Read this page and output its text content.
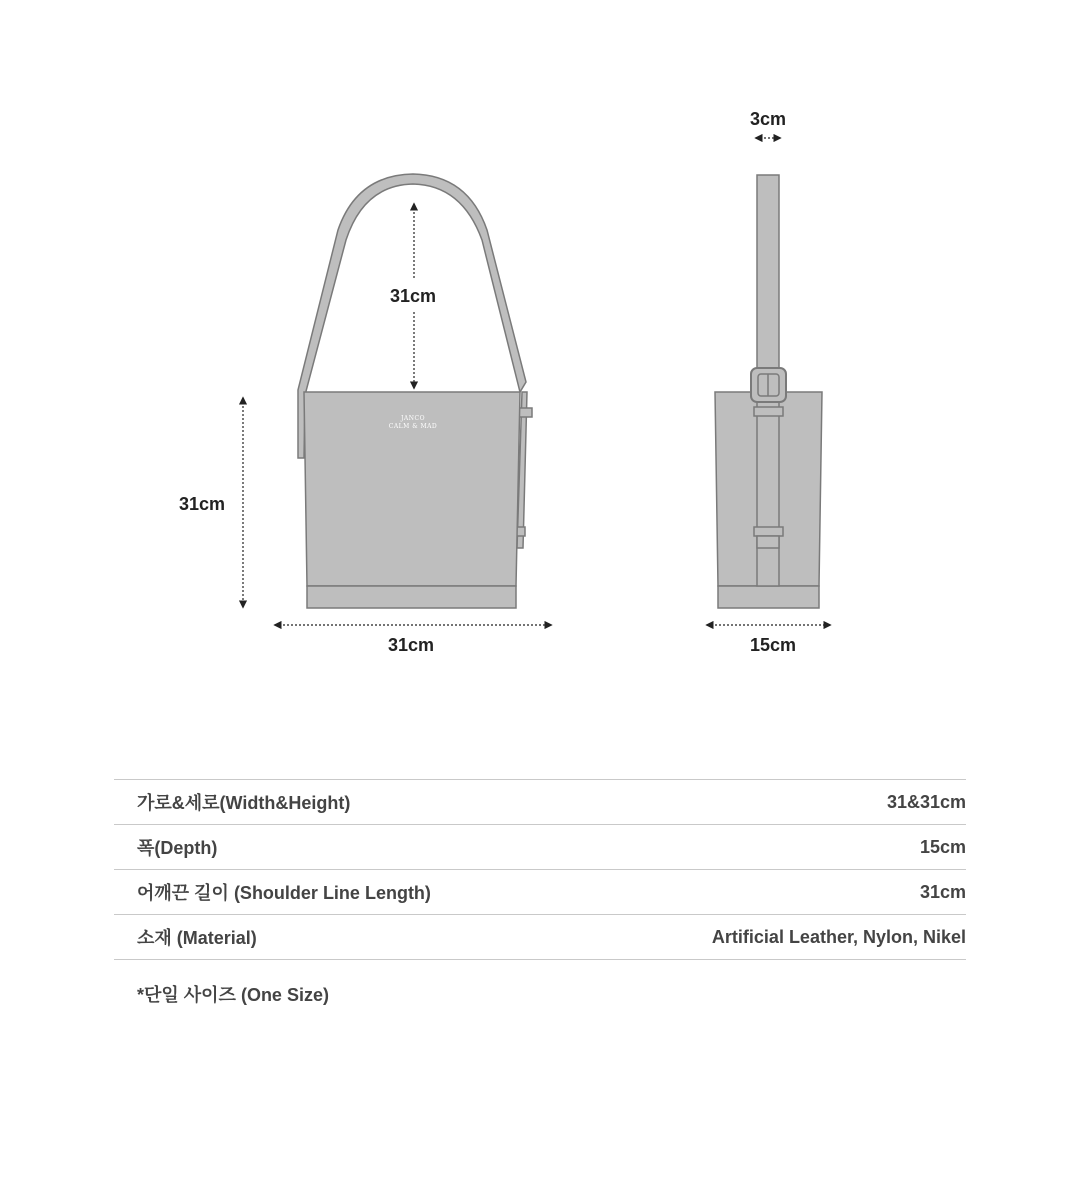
JANCO
CALM & MAD
31cm
31cm
31cm
3cm
15cm
가로&세로(Width&Height)	31&31cm
폭(Depth)	15cm
어깨끈 길이 (Shoulder Line Length)	31cm
소재 (Material)	Artificial Leather, Nylon, Nikel
*단일 사이즈 (One Size)
